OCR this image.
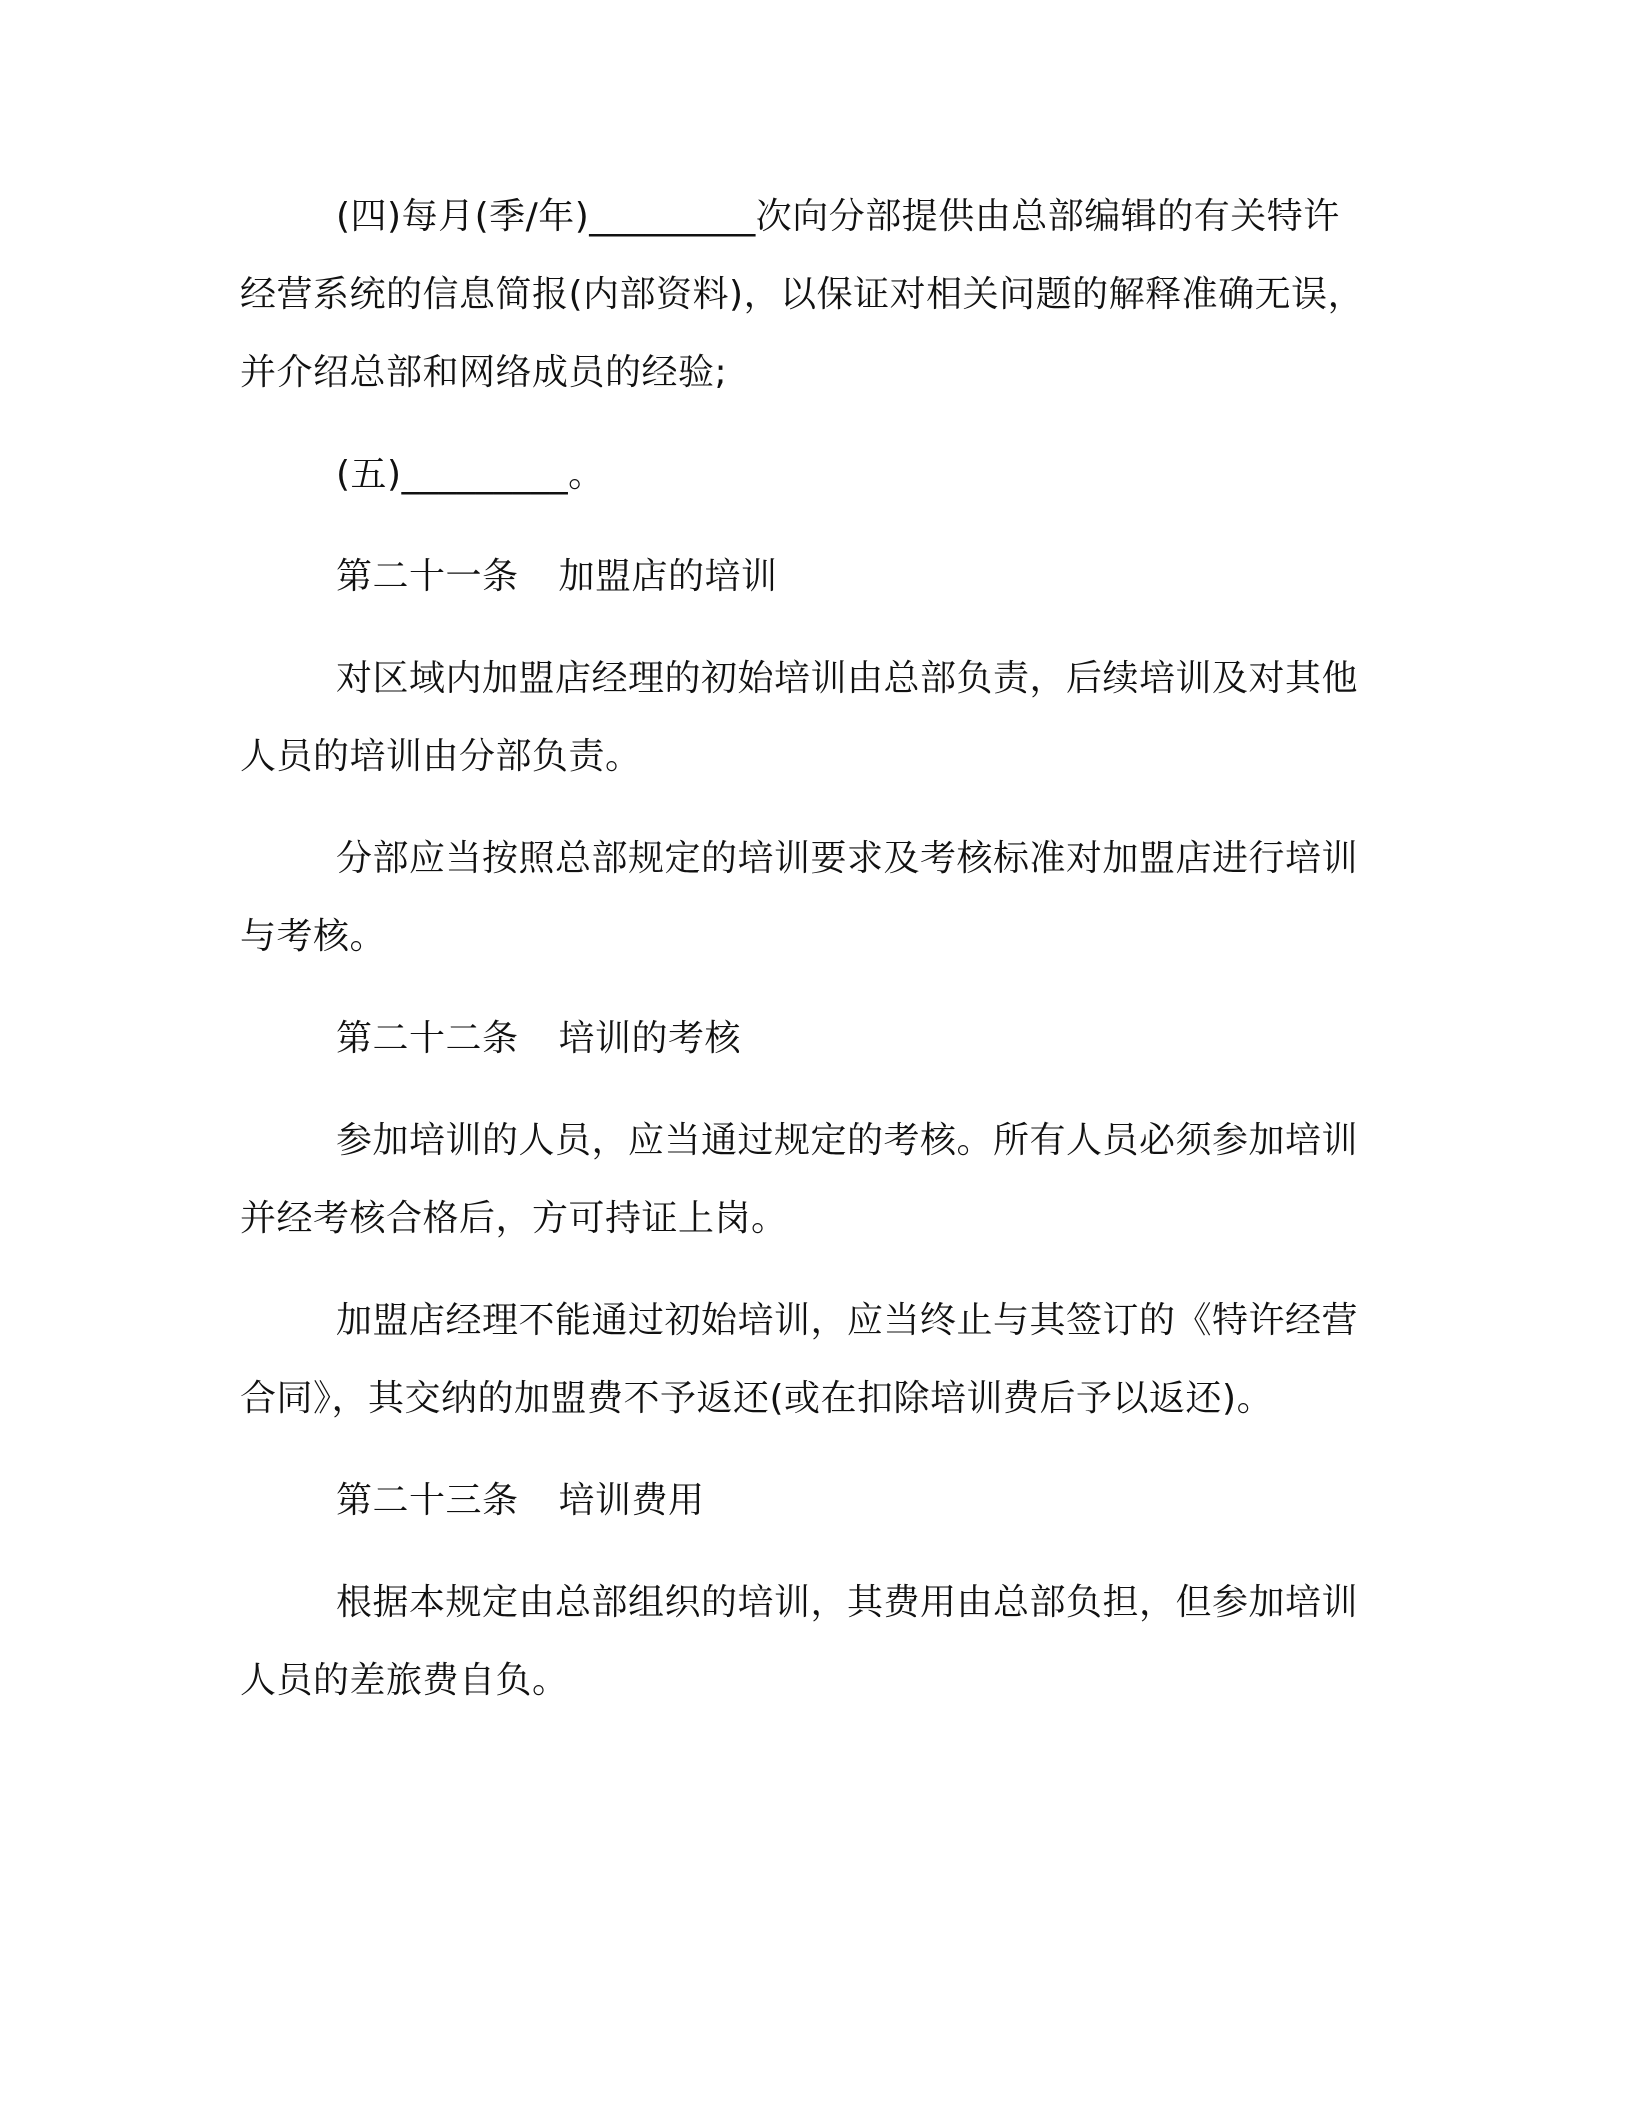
(四)每月(季/年)_________次向分部提供由总部编辑的有关特许
经营系统的信息简报(内部资料)，以保证对相关问题的解释准确无误，
并介绍总部和网络成员的经验;
(五)_________。
第二十一条 加盟店的培训
对区域内加盟店经理的初始培训由总部负责，后续培训及对其他
人员的培训由分部负责。
分部应当按照总部规定的培训要求及考核标准对加盟店进行培训
与考核。
第二十二条 培训的考核
参加培训的人员，应当通过规定的考核。所有人员必须参加培训
并经考核合格后，方可持证上岗。
加盟店经理不能通过初始培训，应当终止与其签订的《特许经营
合同》，其交纳的加盟费不予返还(或在扣除培训费后予以返还)。
第二十三条 培训费用
根据本规定由总部组织的培训，其费用由总部负担，但参加培训
人员的差旅费自负。
